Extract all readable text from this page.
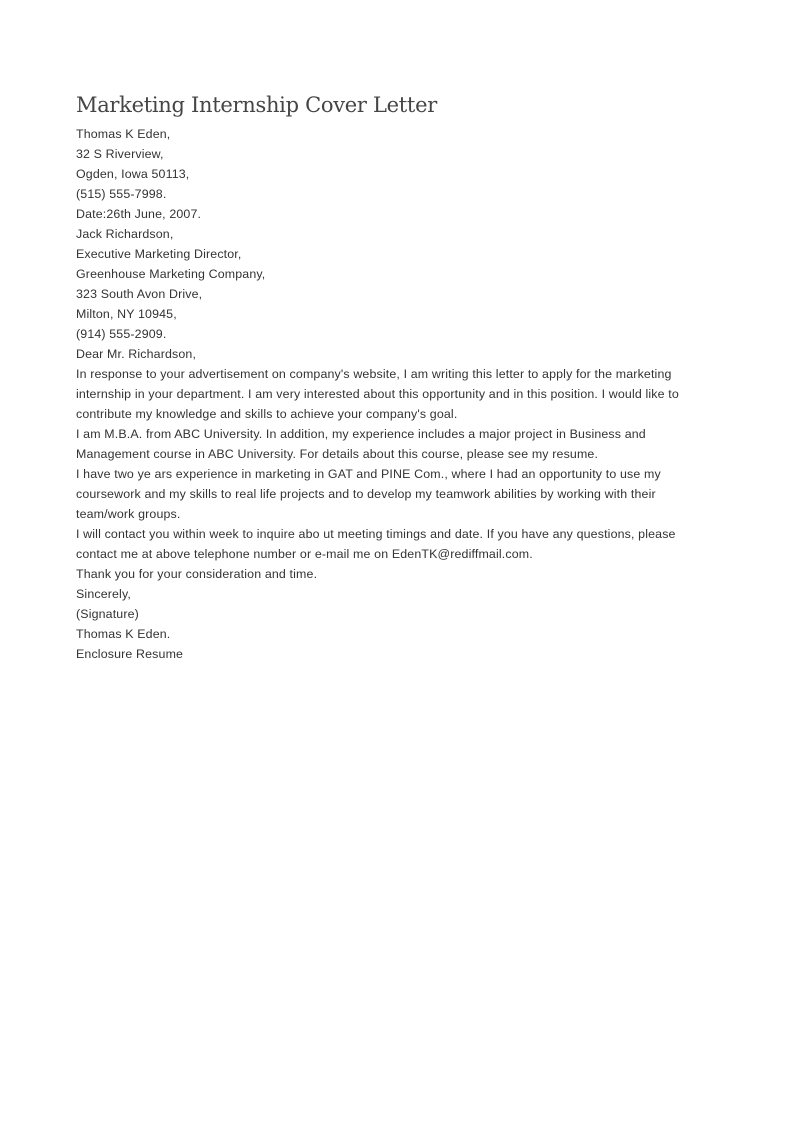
Marketing Internship Cover Letter

Thomas K Eden,

32 S Riverview,

Ogden, Iowa 50113,

(515) 555-7998.

Date:26th June, 2007.

Jack Richardson,

Executive Marketing Director,

Greenhouse Marketing Company,

323 South Avon Drive,

Milton, NY 10945,

(914) 555-2909.

Dear Mr. Richardson,

In response to your advertisement on company's website, I am writing this letter to apply for the marketing

internship in your department. I am very interested about this opportunity and in this position. I would like to

contribute my knowledge and skills to achieve your company's goal.

I am M.B.A. from ABC University. In addition, my experience includes a major project in Business and

Management course in ABC University. For details about this course, please see my resume.

I have two ye ars experience in marketing in GAT and PINE Com., where I had an opportunity to use my

coursework and my skills to real life projects and to develop my teamwork abilities by working with their

team/work groups.

I will contact you within week to inquire abo ut meeting timings and date. If you have any questions, please

contact me at above telephone number or e-mail me on EdenTK@rediffmail.com.

Thank you for your consideration and time.

Sincerely,

(Signature)

Thomas K Eden.

Enclosure Resume
